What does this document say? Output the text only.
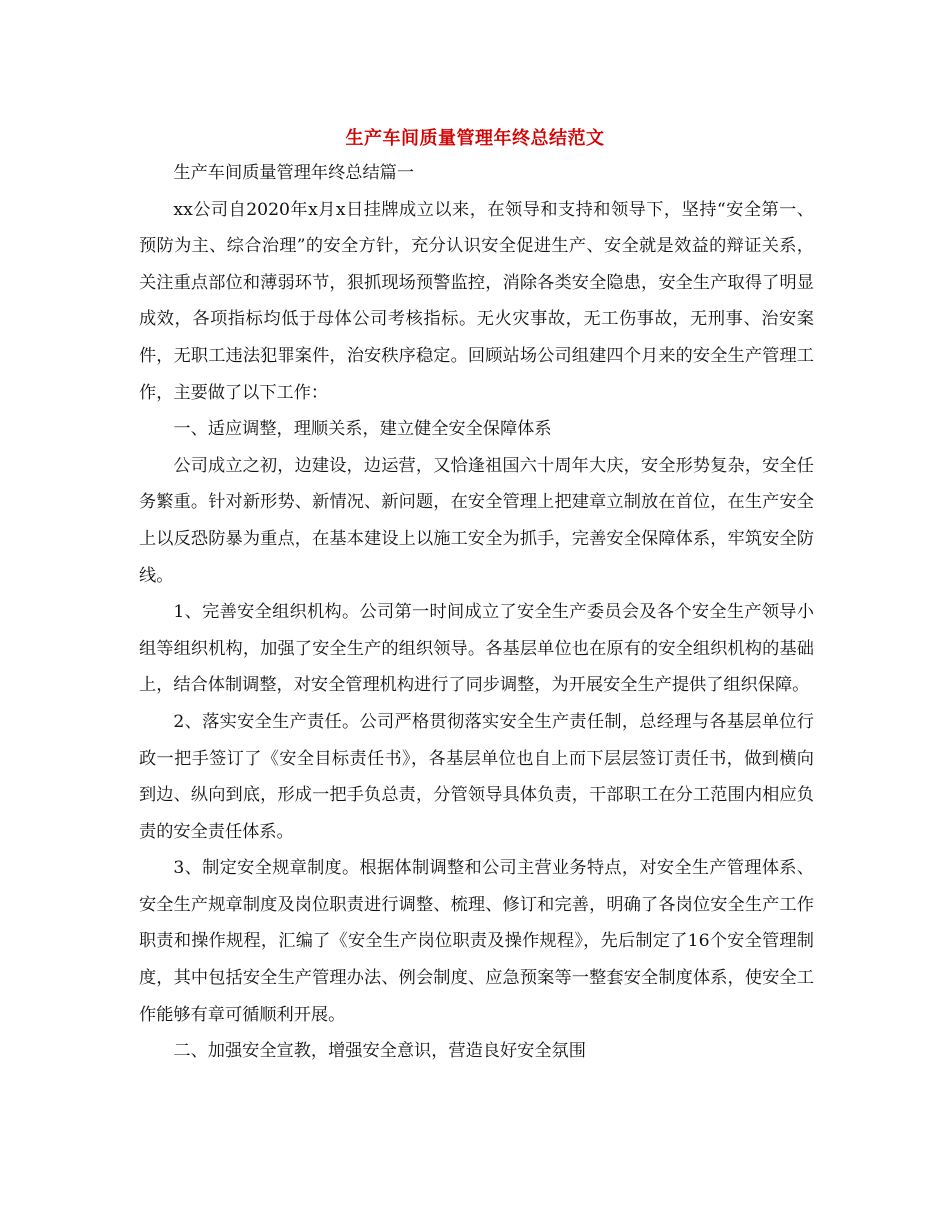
生产车间质量管理年终总结范文

生产车间质量管理年终总结篇一

xx公司自2020年x月x日挂牌成立以来，在领导和支持和领导下，坚持“安全第一、预防为主、综合治理”的安全方针，充分认识安全促进生产、安全就是效益的辩证关系，关注重点部位和薄弱环节，狠抓现场预警监控，消除各类安全隐患，安全生产取得了明显成效，各项指标均低于母体公司考核指标。无火灾事故，无工伤事故，无刑事、治安案件，无职工违法犯罪案件，治安秩序稳定。回顾站场公司组建四个月来的安全生产管理工作，主要做了以下工作：

一、适应调整，理顺关系，建立健全安全保障体系

公司成立之初，边建设，边运营，又恰逢祖国六十周年大庆，安全形势复杂，安全任务繁重。针对新形势、新情况、新问题，在安全管理上把建章立制放在首位，在生产安全上以反恐防暴为重点，在基本建设上以施工安全为抓手，完善安全保障体系，牢筑安全防线。

1、完善安全组织机构。公司第一时间成立了安全生产委员会及各个安全生产领导小组等组织机构，加强了安全生产的组织领导。各基层单位也在原有的安全组织机构的基础上，结合体制调整，对安全管理机构进行了同步调整，为开展安全生产提供了组织保障。

2、落实安全生产责任。公司严格贯彻落实安全生产责任制，总经理与各基层单位行政一把手签订了《安全目标责任书》，各基层单位也自上而下层层签订责任书，做到横向到边、纵向到底，形成一把手负总责，分管领导具体负责，干部职工在分工范围内相应负责的安全责任体系。

3、制定安全规章制度。根据体制调整和公司主营业务特点，对安全生产管理体系、安全生产规章制度及岗位职责进行调整、梳理、修订和完善，明确了各岗位安全生产工作职责和操作规程，汇编了《安全生产岗位职责及操作规程》，先后制定了16个安全管理制度，其中包括安全生产管理办法、例会制度、应急预案等一整套安全制度体系，使安全工作能够有章可循顺利开展。

二、加强安全宣教，增强安全意识，营造良好安全氛围
